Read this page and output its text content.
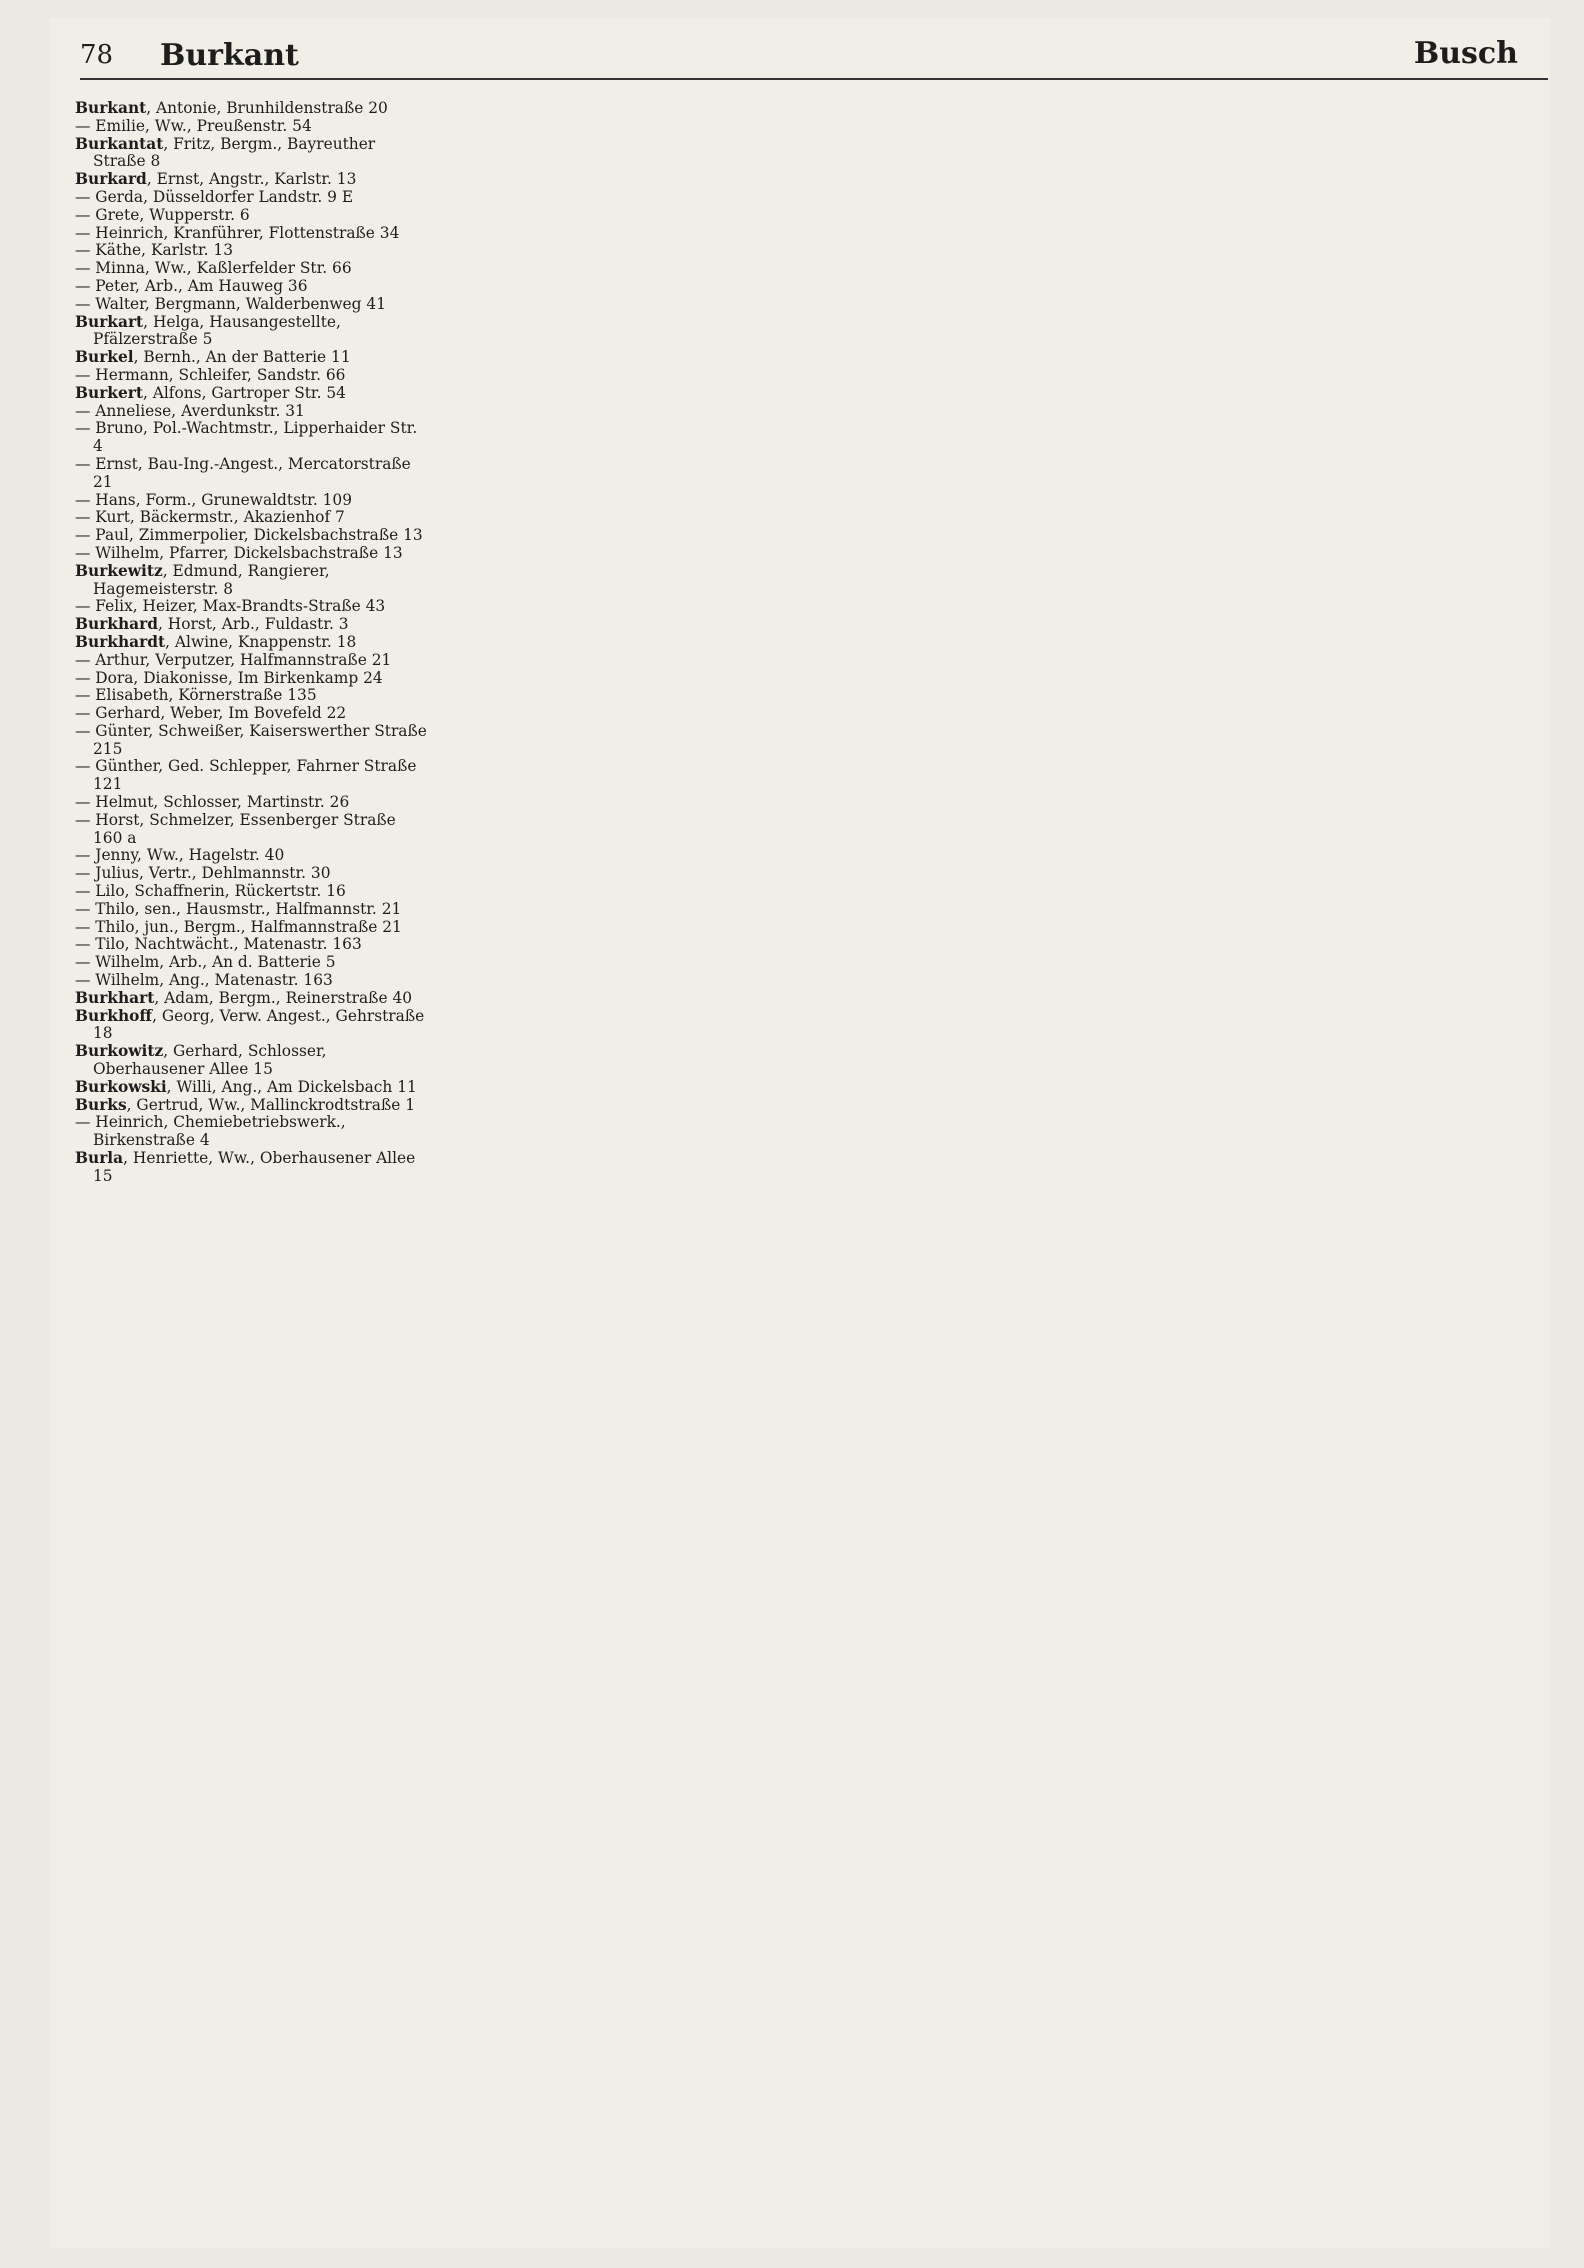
78 Burkant	Busch

Burkant, Antonie, Brunhildenstraße 20

— Emilie, Ww., Preußenstr. 54

Burkantat, Fritz, Bergm., Bayreuther Straße 8

Burkard, Ernst, Angstr., Karlstr. 13

— Gerda, Düsseldorfer Landstr. 9 E

— Grete, Wupperstr. 6

— Heinrich, Kranführer, Flottenstraße 34

— Käthe, Karlstr. 13

— Minna, Ww., Kaßlerfelder Str. 66

— Peter, Arb., Am Hauweg 36

— Walter, Bergmann, Walderbenweg 41

Burkart, Helga, Hausangestellte, Pfälzerstraße 5

Burkel, Bernh., An der Batterie 11

— Hermann, Schleifer, Sandstr. 66

Burkert, Alfons, Gartroper Str. 54

— Anneliese, Averdunkstr. 31

— Bruno, Pol.-Wachtmstr., Lipperhaider Str. 4

— Ernst, Bau-Ing.-Angest., Mercatorstraße 21

— Hans, Form., Grunewaldtstr. 109

— Kurt, Bäckermstr., Akazienhof 7

— Paul, Zimmerpolier, Dickelsbachstraße 13

— Wilhelm, Pfarrer, Dickelsbachstraße 13

Burkewitz, Edmund, Rangierer, Hagemeisterstr. 8

— Felix, Heizer, Max-Brandts-Straße 43

Burkhard, Horst, Arb., Fuldastr. 3

Burkhardt, Alwine, Knappenstr. 18

— Arthur, Verputzer, Halfmannstraße 21

— Dora, Diakonisse, Im Birkenkamp 24

— Elisabeth, Körnerstraße 135

— Gerhard, Weber, Im Bovefeld 22

— Günter, Schweißer, Kaiserswerther Straße 215

— Günther, Ged. Schlepper, Fahrner Straße 121

— Helmut, Schlosser, Martinstr. 26

— Horst, Schmelzer, Essenberger Straße 160 a

— Jenny, Ww., Hagelstr. 40

— Julius, Vertr., Dehlmannstr. 30

— Lilo, Schaffnerin, Rückertstr. 16

— Thilo, sen., Hausmstr., Halfmannstr. 21

— Thilo, jun., Bergm., Halfmannstraße 21

— Tilo, Nachtwächt., Matenastr. 163

— Wilhelm, Arb., An d. Batterie 5

— Wilhelm, Ang., Matenastr. 163

Burkhart, Adam, Bergm., Reinerstraße 40

Burkhoff, Georg, Verw. Angest., Gehrstraße 18

Burkowitz, Gerhard, Schlosser, Oberhausener Allee 15

Burkowski, Willi, Ang., Am Dickelsbach 11

Burks, Gertrud, Ww., Mallinckrodtstraße 1

— Heinrich, Chemiebetriebswerk., Birkenstraße 4

Burla, Henriette, Ww., Oberhausener Allee 15
